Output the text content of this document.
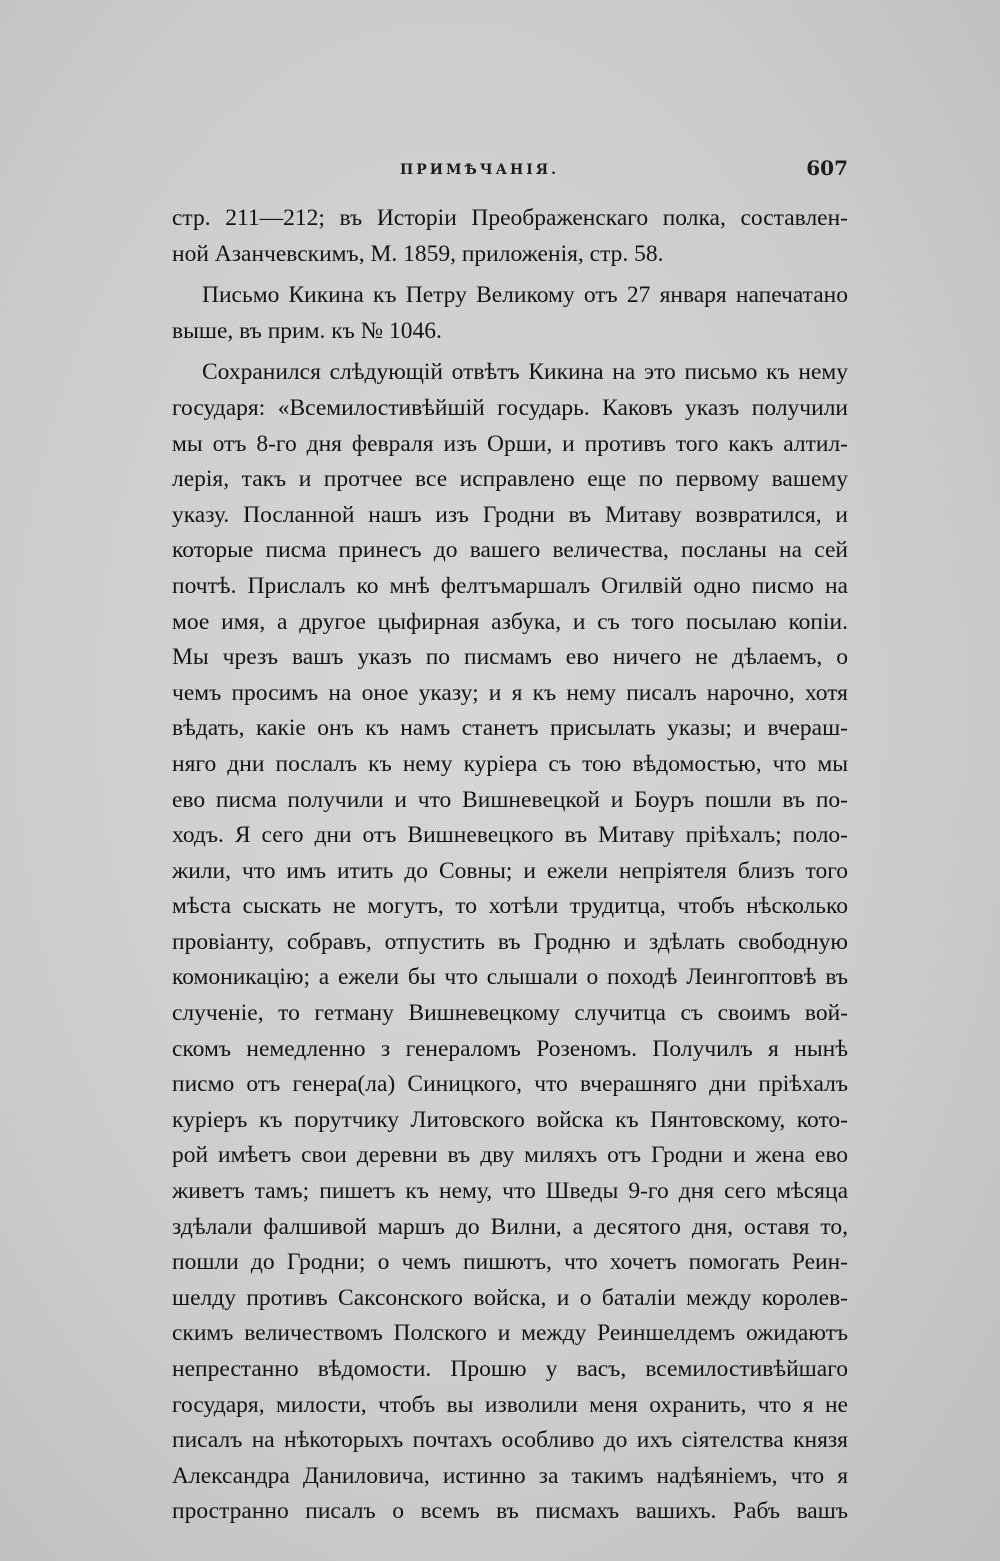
ПРИМѢЧАНІЯ.	607
стр. 211—212; въ Исторіи Преображенскаго полка, составлен-
ной Азанчевскимъ, М. 1859, приложенія, стр. 58.
Письмо Кикина къ Петру Великому отъ 27 января напечатано
выше, въ прим. къ № 1046.
Сохранился слѣдующій отвѣтъ Кикина на это письмо къ нему
государя: «Всемилостивѣйшій государь. Каковъ указъ получили
мы отъ 8-го дня февраля изъ Орши, и противъ того какъ алтил-
лерія, такъ и протчее все исправлено еще по первому вашему
указу. Посланной нашъ изъ Гродни въ Митаву возвратился, и
которые писма принесъ до вашего величества, посланы на сей
почтѣ. Прислалъ ко мнѣ фелтъмаршалъ Огилвій одно писмо на
мое имя, а другое цыфирная азбука, и съ того посылаю копіи.
Мы чрезъ вашъ указъ по писмамъ ево ничего не дѣлаемъ, о
чемъ просимъ на оное указу; и я къ нему писалъ нарочно, хотя
вѣдать, какіе онъ къ намъ станетъ присылать указы; и вчераш-
няго дни послалъ къ нему куріера съ тою вѣдомостью, что мы
ево писма получили и что Вишневецкой и Боуръ пошли въ по-
ходъ. Я сего дни отъ Вишневецкого въ Митаву пріѣхалъ; поло-
жили, что имъ итить до Совны; и ежели непріятеля близъ того
мѣста сыскать не могутъ, то хотѣли трудитца, чтобъ нѣсколько
провіанту, собравъ, отпустить въ Гродню и здѣлать свободную
комоникацію; а ежели бы что слышали о походѣ Леингоптовѣ въ
слученіе, то гетману Вишневецкому случитца съ своимъ вой-
скомъ немедленно з генераломъ Розеномъ. Получилъ я нынѣ
писмо отъ генера(ла) Синицкого, что вчерашняго дни пріѣхалъ
куріеръ къ порутчику Литовского войска къ Пянтовскому, кото-
рой имѣетъ свои деревни въ дву миляхъ отъ Гродни и жена ево
живетъ тамъ; пишетъ къ нему, что Шведы 9-го дня сего мѣсяца
здѣлали фалшивой маршъ до Вилни, а десятого дня, оставя то,
пошли до Гродни; о чемъ пишютъ, что хочетъ помогать Реин-
шелду противъ Саксонского войска, и о баталіи между королев-
скимъ величествомъ Полского и между Реиншелдемъ ожидаютъ
непрестанно вѣдомости. Прошю у васъ, всемилостивѣйшаго
государя, милости, чтобъ вы изволили меня охранить, что я не
писалъ на нѣкоторыхъ почтахъ особливо до ихъ сіятелства князя
Александра Даниловича, истинно за такимъ надѣяніемъ, что я
пространно писалъ о всемъ въ писмахъ вашихъ. Рабъ вашъ
